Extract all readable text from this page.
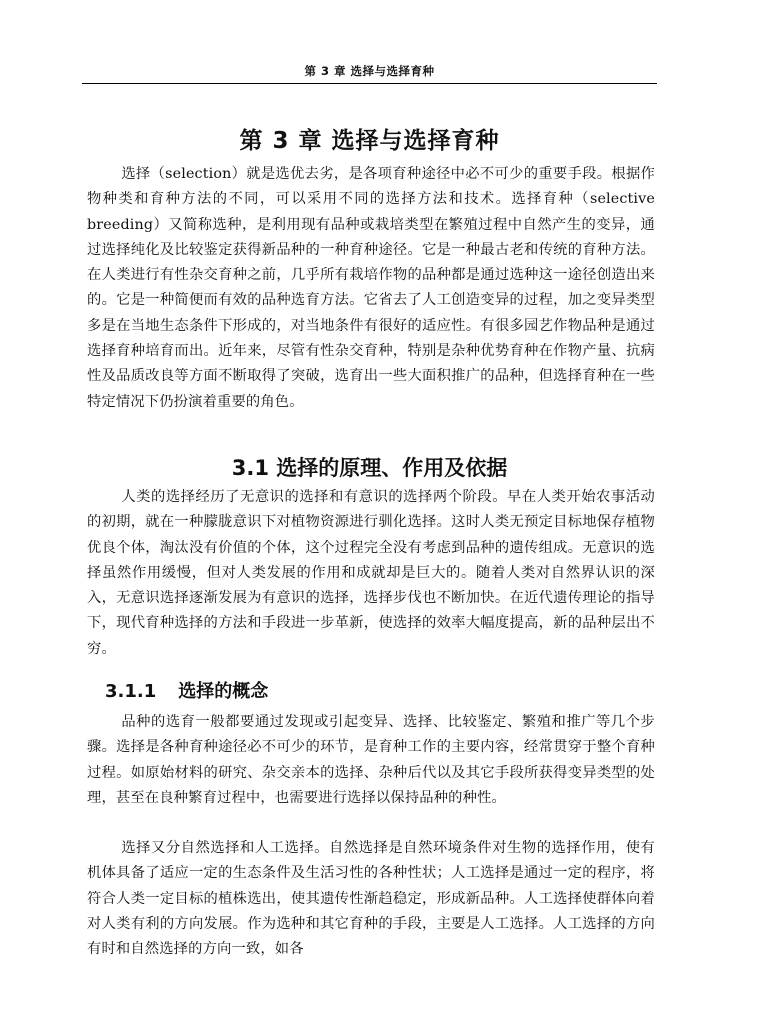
第 3 章 选择与选择育种
第 3 章 选择与选择育种

选择（selection）就是选优去劣，是各项育种途径中必不可少的重要手段。根据作物种类和育种方法的不同，可以采用不同的选择方法和技术。选择育种（selective breeding）又简称选种，是利用现有品种或栽培类型在繁殖过程中自然产生的变异，通过选择纯化及比较鉴定获得新品种的一种育种途径。它是一种最古老和传统的育种方法。在人类进行有性杂交育种之前，几乎所有栽培作物的品种都是通过选种这一途径创造出来的。它是一种简便而有效的品种选育方法。它省去了人工创造变异的过程，加之变异类型多是在当地生态条件下形成的，对当地条件有很好的适应性。有很多园艺作物品种是通过选择育种培育而出。近年来，尽管有性杂交育种，特别是杂种优势育种在作物产量、抗病性及品质改良等方面不断取得了突破，选育出一些大面积推广的品种，但选择育种在一些特定情况下仍扮演着重要的角色。

3.1 选择的原理、作用及依据

人类的选择经历了无意识的选择和有意识的选择两个阶段。早在人类开始农事活动的初期，就在一种朦胧意识下对植物资源进行驯化选择。这时人类无预定目标地保存植物优良个体，淘汰没有价值的个体，这个过程完全没有考虑到品种的遗传组成。无意识的选择虽然作用缓慢，但对人类发展的作用和成就却是巨大的。随着人类对自然界认识的深入，无意识选择逐渐发展为有意识的选择，选择步伐也不断加快。在近代遗传理论的指导下，现代育种选择的方法和手段进一步革新，使选择的效率大幅度提高，新的品种层出不穷。

3.1.1 选择的概念

品种的选育一般都要通过发现或引起变异、选择、比较鉴定、繁殖和推广等几个步骤。选择是各种育种途径必不可少的环节，是育种工作的主要内容，经常贯穿于整个育种过程。如原始材料的研究、杂交亲本的选择、杂种后代以及其它手段所获得变异类型的处理，甚至在良种繁育过程中，也需要进行选择以保持品种的种性。

选择又分自然选择和人工选择。自然选择是自然环境条件对生物的选择作用，使有机体具备了适应一定的生态条件及生活习性的各种性状；人工选择是通过一定的程序，将符合人类一定目标的植株选出，使其遗传性渐趋稳定，形成新品种。人工选择使群体向着对人类有利的方向发展。作为选种和其它育种的手段，主要是人工选择。人工选择的方向有时和自然选择的方向一致，如各
